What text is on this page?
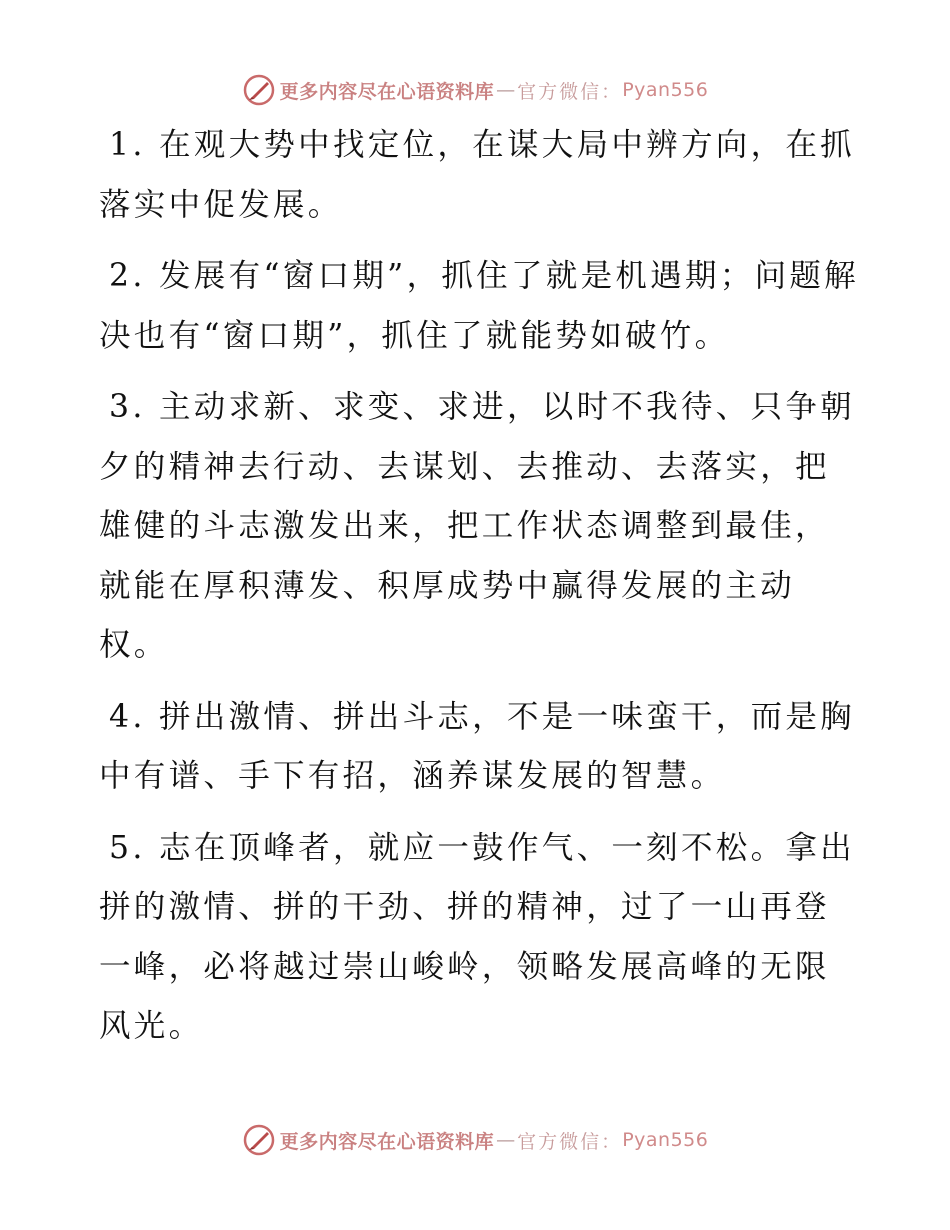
更多内容尽在心语资料库 — 官方微信： Pyan556

1. 在观大势中找定位，在谋大局中辨方向，在抓落实中促发展。

2. 发展有“窗口期”，抓住了就是机遇期；问题解决也有“窗口期”，抓住了就能势如破竹。

3. 主动求新、求变、求进，以时不我待、只争朝夕的精神去行动、去谋划、去推动、去落实，把雄健的斗志激发出来，把工作状态调整到最佳，就能在厚积薄发、积厚成势中赢得发展的主动权。

4. 拼出激情、拼出斗志，不是一味蛮干，而是胸中有谱、手下有招，涵养谋发展的智慧。

5. 志在顶峰者，就应一鼓作气、一刻不松。拿出拼的激情、拼的干劲、拼的精神，过了一山再登一峰，必将越过崇山峻岭，领略发展高峰的无限风光。

更多内容尽在心语资料库 — 官方微信： Pyan556
